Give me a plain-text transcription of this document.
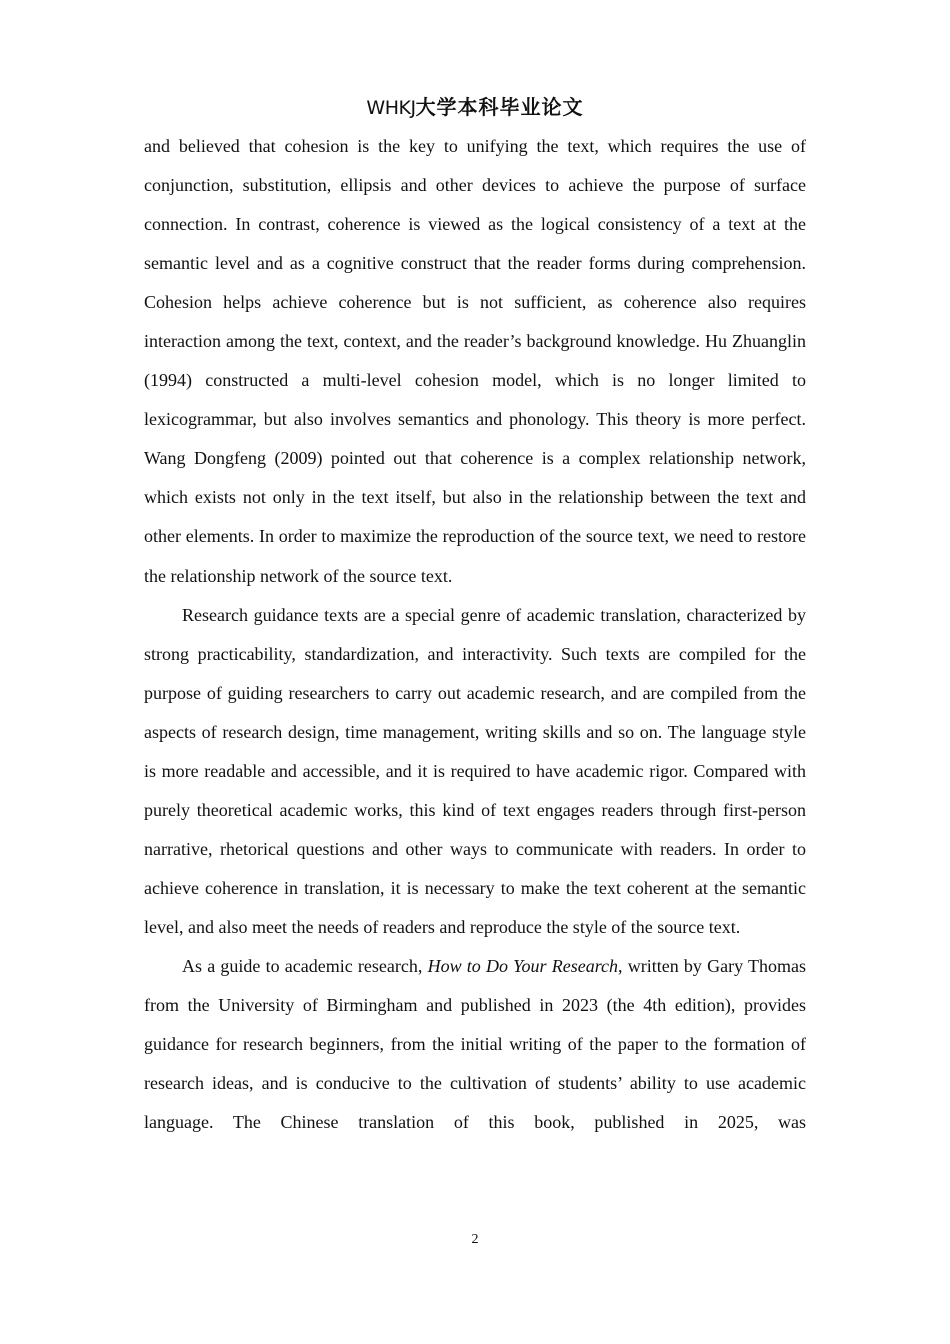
WHKJ大学本科毕业论文

and believed that cohesion is the key to unifying the text, which requires the use of conjunction, substitution, ellipsis and other devices to achieve the purpose of surface connection. In contrast, coherence is viewed as the logical consistency of a text at the semantic level and as a cognitive construct that the reader forms during comprehension. Cohesion helps achieve coherence but is not sufficient, as coherence also requires interaction among the text, context, and the reader’s background knowledge. Hu Zhuanglin (1994) constructed a multi-level cohesion model, which is no longer limited to lexicogrammar, but also involves semantics and phonology. This theory is more perfect. Wang Dongfeng (2009) pointed out that coherence is a complex relationship network, which exists not only in the text itself, but also in the relationship between the text and other elements. In order to maximize the reproduction of the source text, we need to restore the relationship network of the source text.

Research guidance texts are a special genre of academic translation, characterized by strong practicability, standardization, and interactivity. Such texts are compiled for the purpose of guiding researchers to carry out academic research, and are compiled from the aspects of research design, time management, writing skills and so on. The language style is more readable and accessible, and it is required to have academic rigor. Compared with purely theoretical academic works, this kind of text engages readers through first-person narrative, rhetorical questions and other ways to communicate with readers. In order to achieve coherence in translation, it is necessary to make the text coherent at the semantic level, and also meet the needs of readers and reproduce the style of the source text.

As a guide to academic research, How to Do Your Research, written by Gary Thomas from the University of Birmingham and published in 2023 (the 4th edition), provides guidance for research beginners, from the initial writing of the paper to the formation of research ideas, and is conducive to the cultivation of students’ ability to use academic language. The Chinese translation of this book, published in 2025, was

2
